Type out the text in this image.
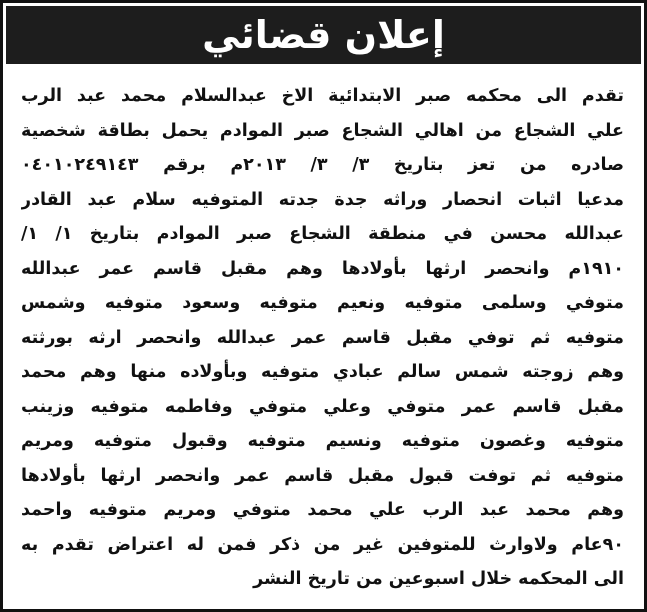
إعلان قضائي
تقدم الى محكمه صبر الابتدائية الاخ عبدالسلام محمد عبد الرب
علي الشجاع من اهالي الشجاع صبر الموادم يحمل بطاقة شخصية
صادره من تعز بتاريخ ٣/ ٣/ ٢٠١٣م برقم ٠٤٠١٠٢٤٩١٤٣
مدعيا اثبات انحصار وراثه جدة جدته المتوفيه سلام عبد القادر
عبدالله محسن في منطقة الشجاع صبر الموادم بتاريخ ١/ ١/
١٩١٠م وانحصر ارثها بأولادها وهم مقبل قاسم عمر عبدالله
متوفي وسلمى متوفيه ونعيم متوفيه وسعود متوفيه وشمس
متوفيه ثم توفي مقبل قاسم عمر عبدالله وانحصر ارثه بورثته
وهم زوجته شمس سالم عبادي متوفيه وبأولاده منها وهم محمد
مقبل قاسم عمر متوفي وعلي متوفي وفاطمه متوفيه وزينب
متوفيه وغصون متوفيه ونسيم متوفيه وقبول متوفيه ومريم
متوفيه ثم توفت قبول مقبل قاسم عمر وانحصر ارثها بأولادها
وهم محمد عبد الرب علي محمد متوفي ومريم متوفيه واحمد
٩٠عام ولاوارث للمتوفين غير من ذكر فمن له اعتراض تقدم به
الى المحكمه خلال اسبوعين من تاريخ النشر
